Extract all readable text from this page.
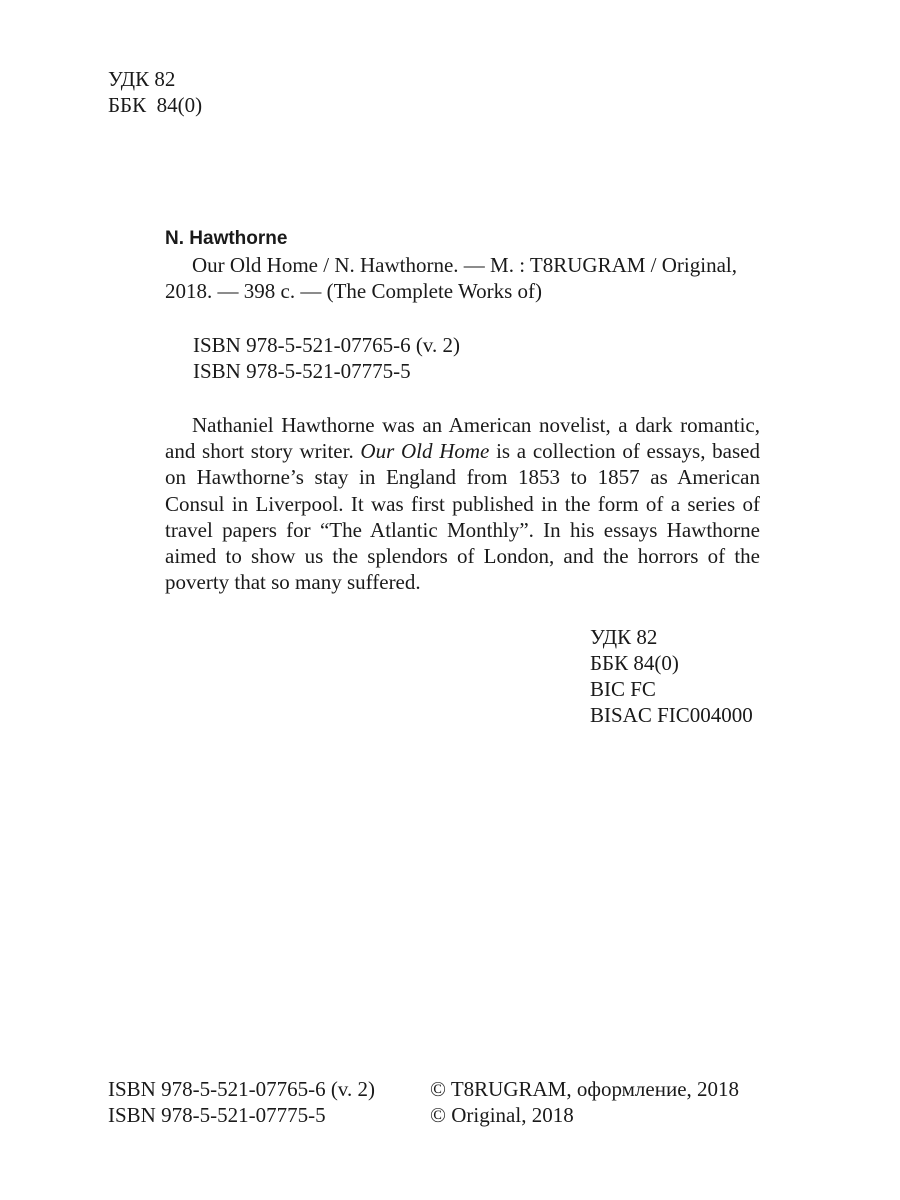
УДК 82
ББК  84(0)
N. Hawthorne
Our Old Home / N. Hawthorne. — M. : T8RUGRAM / Original,
2018. — 398 с. — (The Complete Works of)
ISBN 978-5-521-07765-6 (v. 2)
ISBN 978-5-521-07775-5

Nathaniel Hawthorne was an American novelist, a dark romantic, and short story writer. Our Old Home is a collection of essays, based on Hawthorne’s stay in England from 1853 to 1857 as American Consul in Liverpool. It was first published in the form of a series of travel papers for “The Atlantic Monthly”. In his essays Hawthorne aimed to show us the splendors of London, and the horrors of the poverty that so many suffered.

УДК 82
ББК 84(0)
BIC FC
BISAC FIC004000
ISBN 978-5-521-07765-6 (v. 2)
ISBN 978-5-521-07775-5
© T8RUGRAM, оформление, 2018
© Original, 2018
